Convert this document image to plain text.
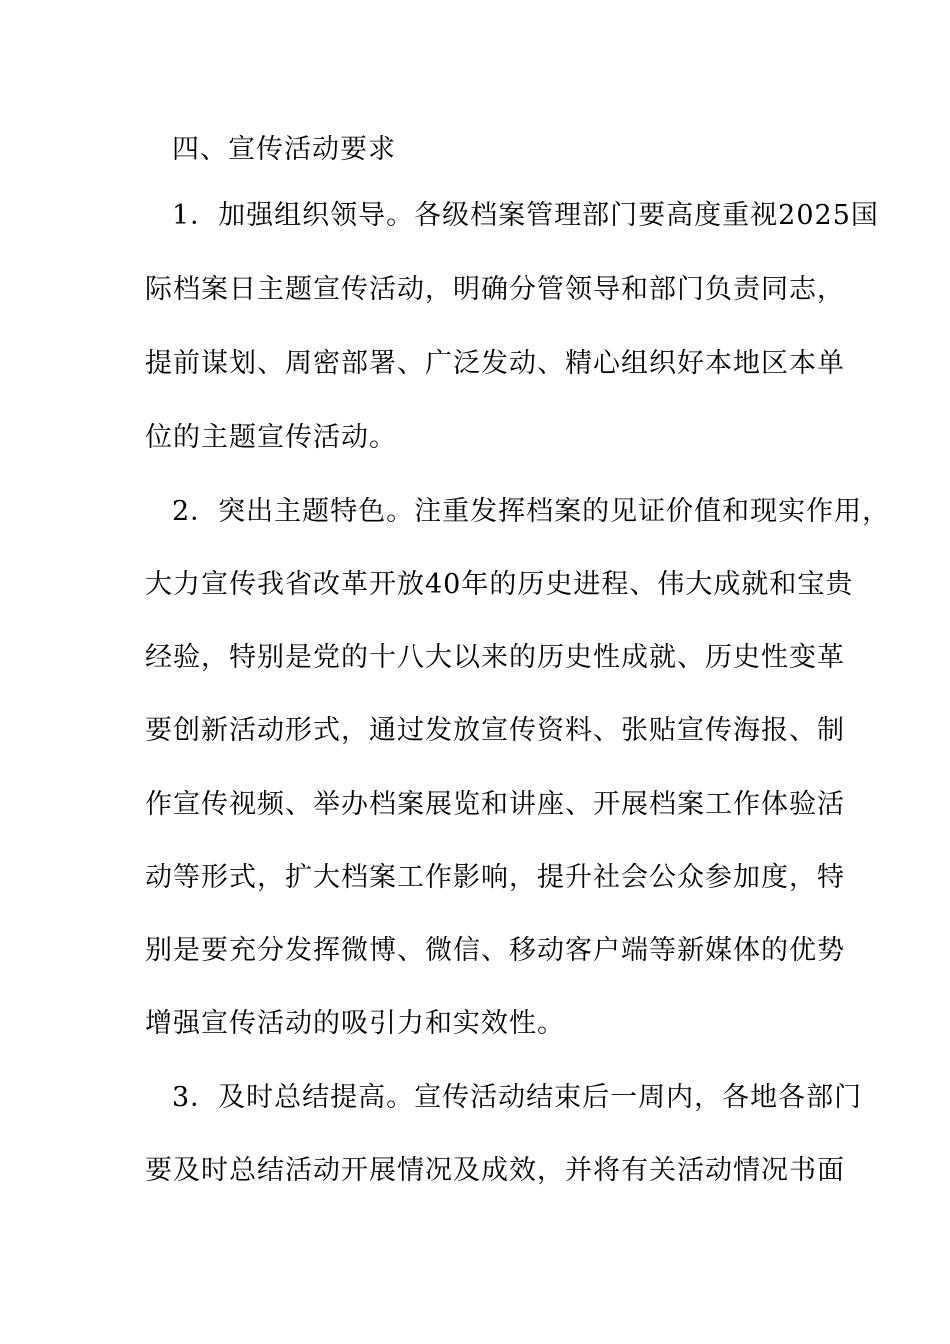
四、宣传活动要求
1．加强组织领导。各级档案管理部门要高度重视2025国
际档案日主题宣传活动，明确分管领导和部门负责同志，
提前谋划、周密部署、广泛发动、精心组织好本地区本单
位的主题宣传活动。
2．突出主题特色。注重发挥档案的见证价值和现实作用，
大力宣传我省改革开放40年的历史进程、伟大成就和宝贵
经验，特别是党的十八大以来的历史性成就、历史性变革
要创新活动形式，通过发放宣传资料、张贴宣传海报、制
作宣传视频、举办档案展览和讲座、开展档案工作体验活
动等形式，扩大档案工作影响，提升社会公众参加度，特
别是要充分发挥微博、微信、移动客户端等新媒体的优势
增强宣传活动的吸引力和实效性。
3．及时总结提高。宣传活动结束后一周内，各地各部门
要及时总结活动开展情况及成效，并将有关活动情况书面
